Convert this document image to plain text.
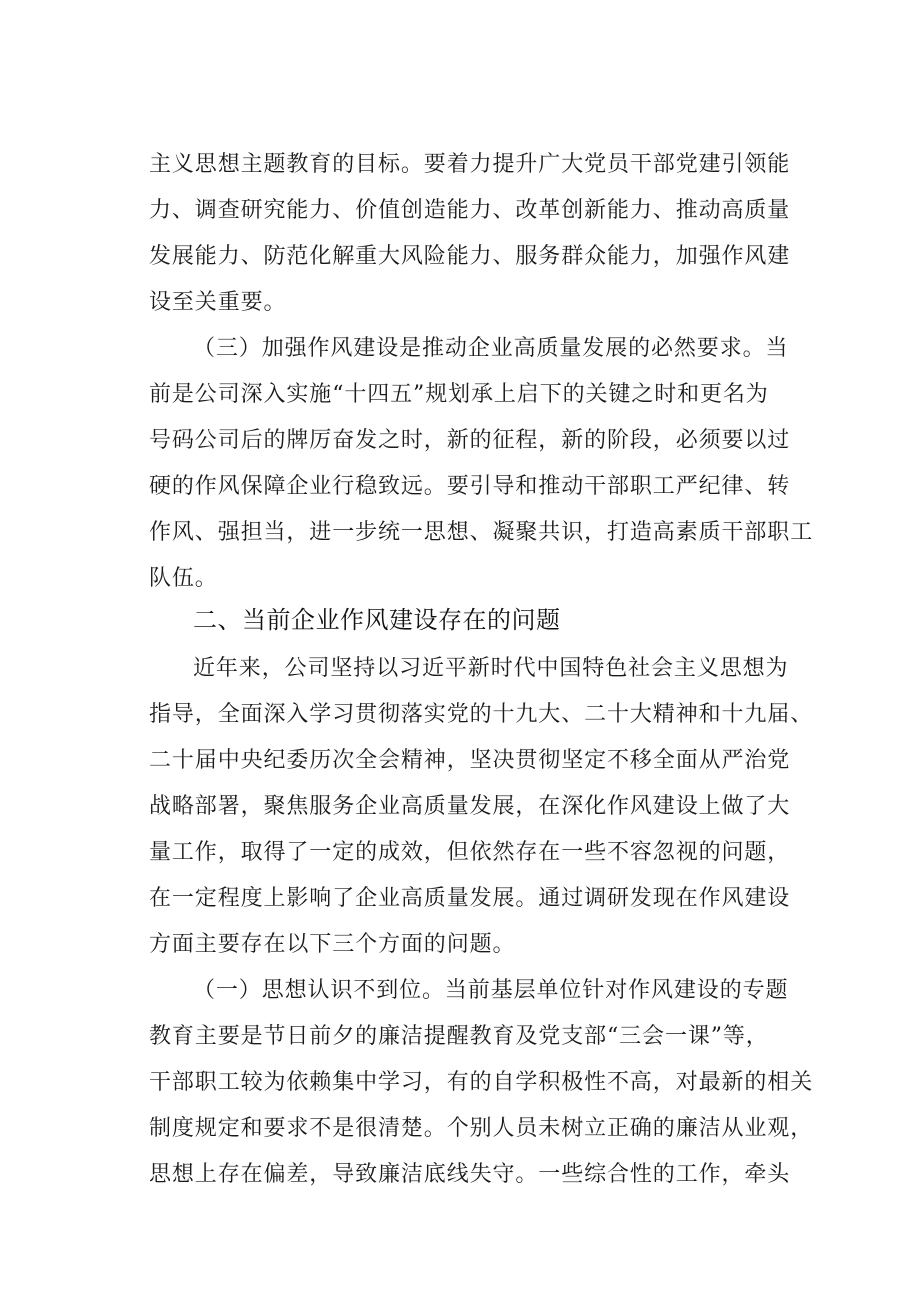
主义思想主题教育的目标。要着力提升广大党员干部党建引领能
力、调查研究能力、价值创造能力、改革创新能力、推动高质量
发展能力、防范化解重大风险能力、服务群众能力，加强作风建
设至关重要。
（三）加强作风建设是推动企业高质量发展的必然要求。当
前是公司深入实施“十四五”规划承上启下的关键之时和更名为
号码公司后的牌厉奋发之时，新的征程，新的阶段，必须要以过
硬的作风保障企业行稳致远。要引导和推动干部职工严纪律、转
作风、强担当，进一步统一思想、凝聚共识，打造高素质干部职工
队伍。
二、当前企业作风建设存在的问题
近年来，公司坚持以习近平新时代中国特色社会主义思想为
指导，全面深入学习贯彻落实党的十九大、二十大精神和十九届、
二十届中央纪委历次全会精神，坚决贯彻坚定不移全面从严治党
战略部署，聚焦服务企业高质量发展，在深化作风建设上做了大
量工作，取得了一定的成效，但依然存在一些不容忽视的问题，
在一定程度上影响了企业高质量发展。通过调研发现在作风建设
方面主要存在以下三个方面的问题。
（一）思想认识不到位。当前基层单位针对作风建设的专题
教育主要是节日前夕的廉洁提醒教育及党支部“三会一课”等，
干部职工较为依赖集中学习，有的自学积极性不高，对最新的相关
制度规定和要求不是很清楚。个别人员未树立正确的廉洁从业观，
思想上存在偏差，导致廉洁底线失守。一些综合性的工作，牵头
